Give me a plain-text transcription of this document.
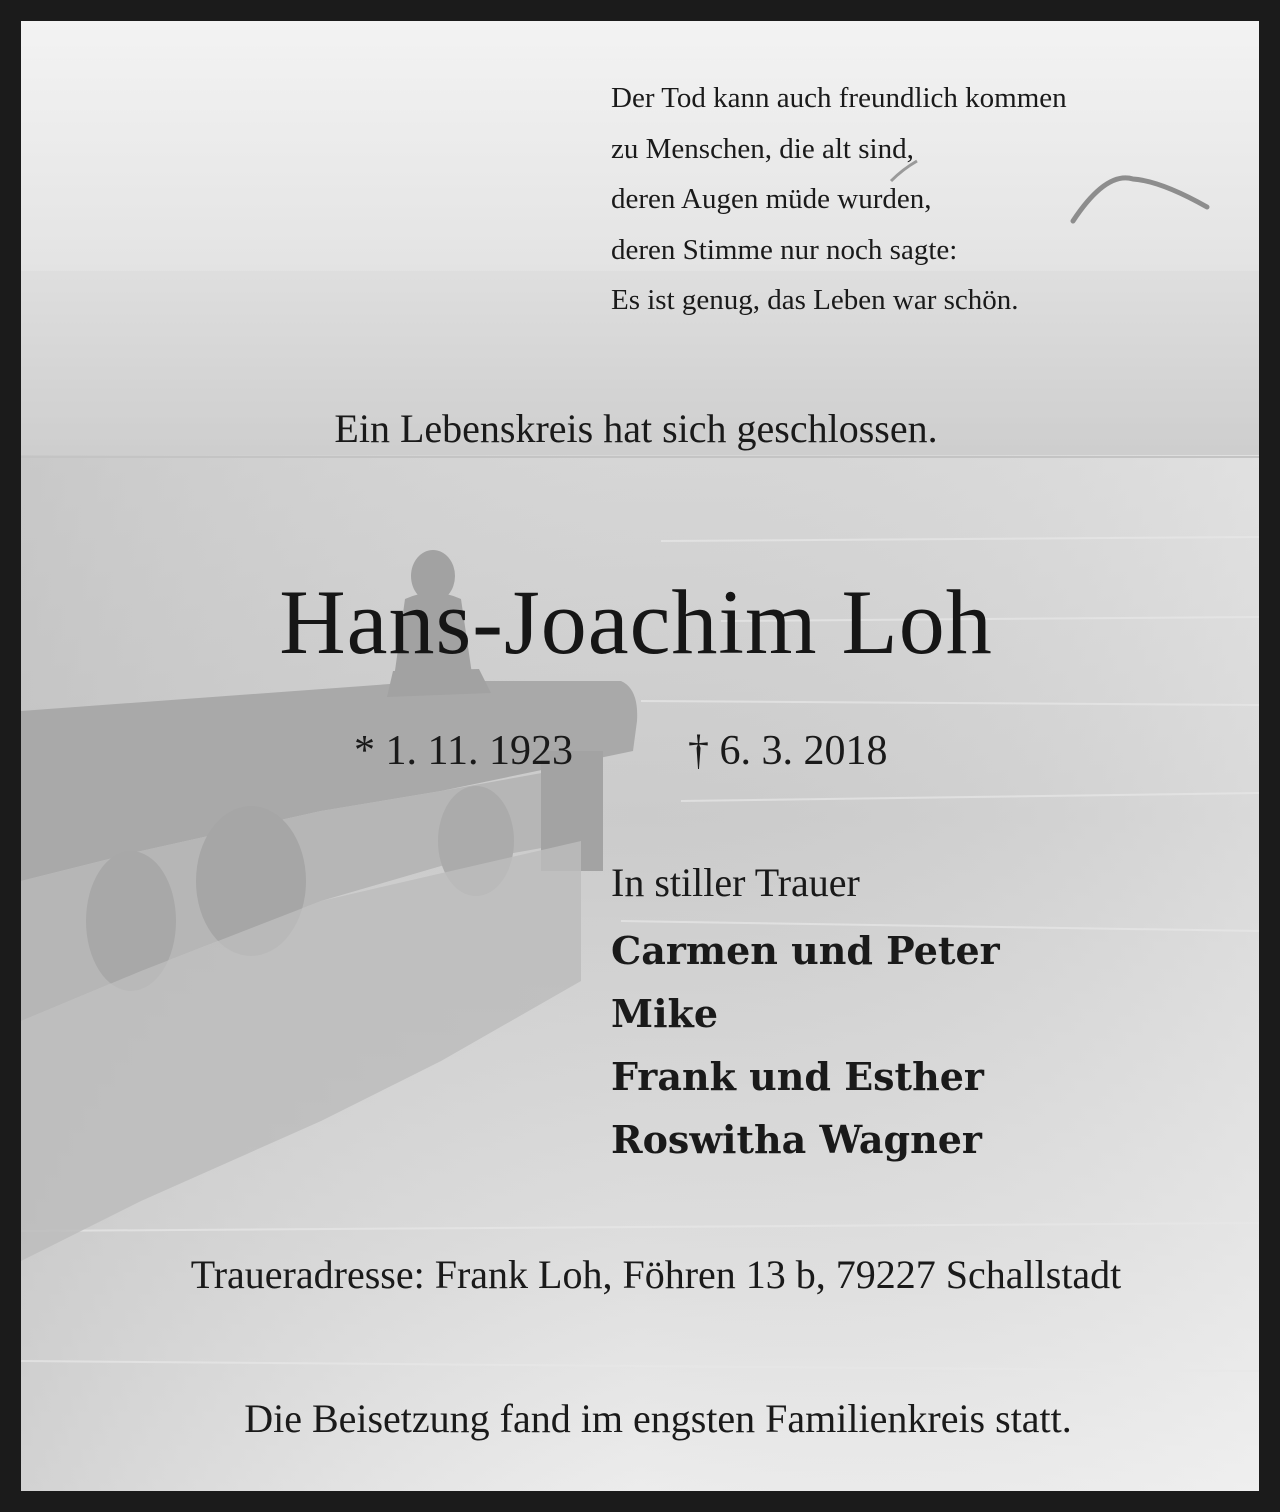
Der Tod kann auch freundlich kommen
zu Menschen, die alt sind,
deren Augen müde wurden,
deren Stimme nur noch sagte:
Es ist genug, das Leben war schön.
Ein Lebenskreis hat sich geschlossen.
Hans-Joachim Loh
* 1. 11. 1923	† 6. 3. 2018
In stiller Trauer
Carmen und Peter
Mike
Frank und Esther
Roswitha Wagner
Traueradresse: Frank Loh, Föhren 13 b, 79227 Schallstadt
Die Beisetzung fand im engsten Familienkreis statt.
